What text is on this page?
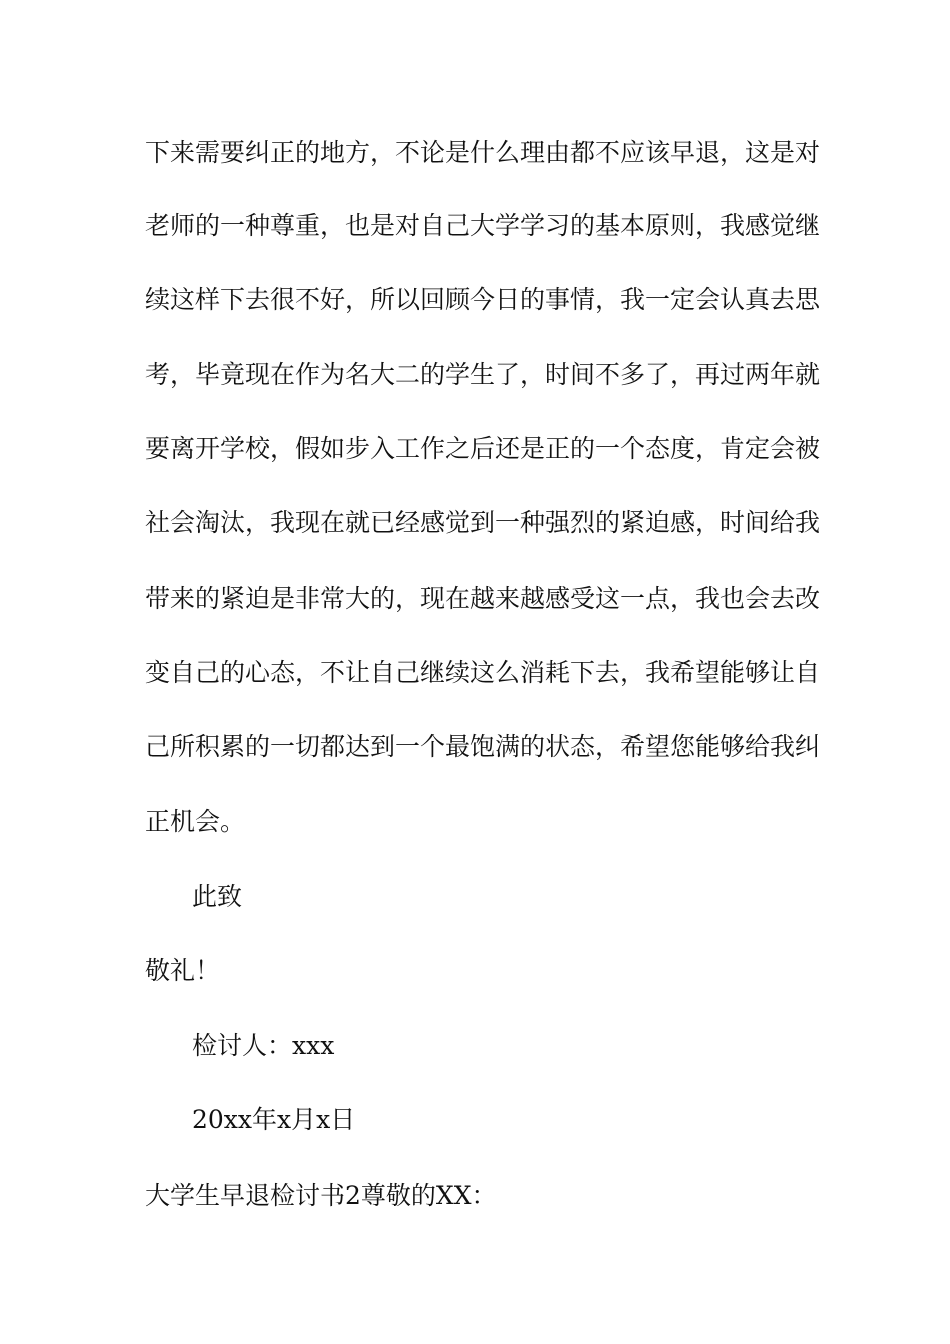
下来需要纠正的地方，不论是什么理由都不应该早退，这是对
老师的一种尊重，也是对自己大学学习的基本原则，我感觉继
续这样下去很不好，所以回顾今日的事情，我一定会认真去思
考，毕竟现在作为名大二的学生了，时间不多了，再过两年就
要离开学校，假如步入工作之后还是正的一个态度，肯定会被
社会淘汰，我现在就已经感觉到一种强烈的紧迫感，时间给我
带来的紧迫是非常大的，现在越来越感受这一点，我也会去改
变自己的心态，不让自己继续这么消耗下去，我希望能够让自
己所积累的一切都达到一个最饱满的状态，希望您能够给我纠
正机会。
此致
敬礼！
检讨人：xxx
20xx年x月x日
大学生早退检讨书2尊敬的XX：
